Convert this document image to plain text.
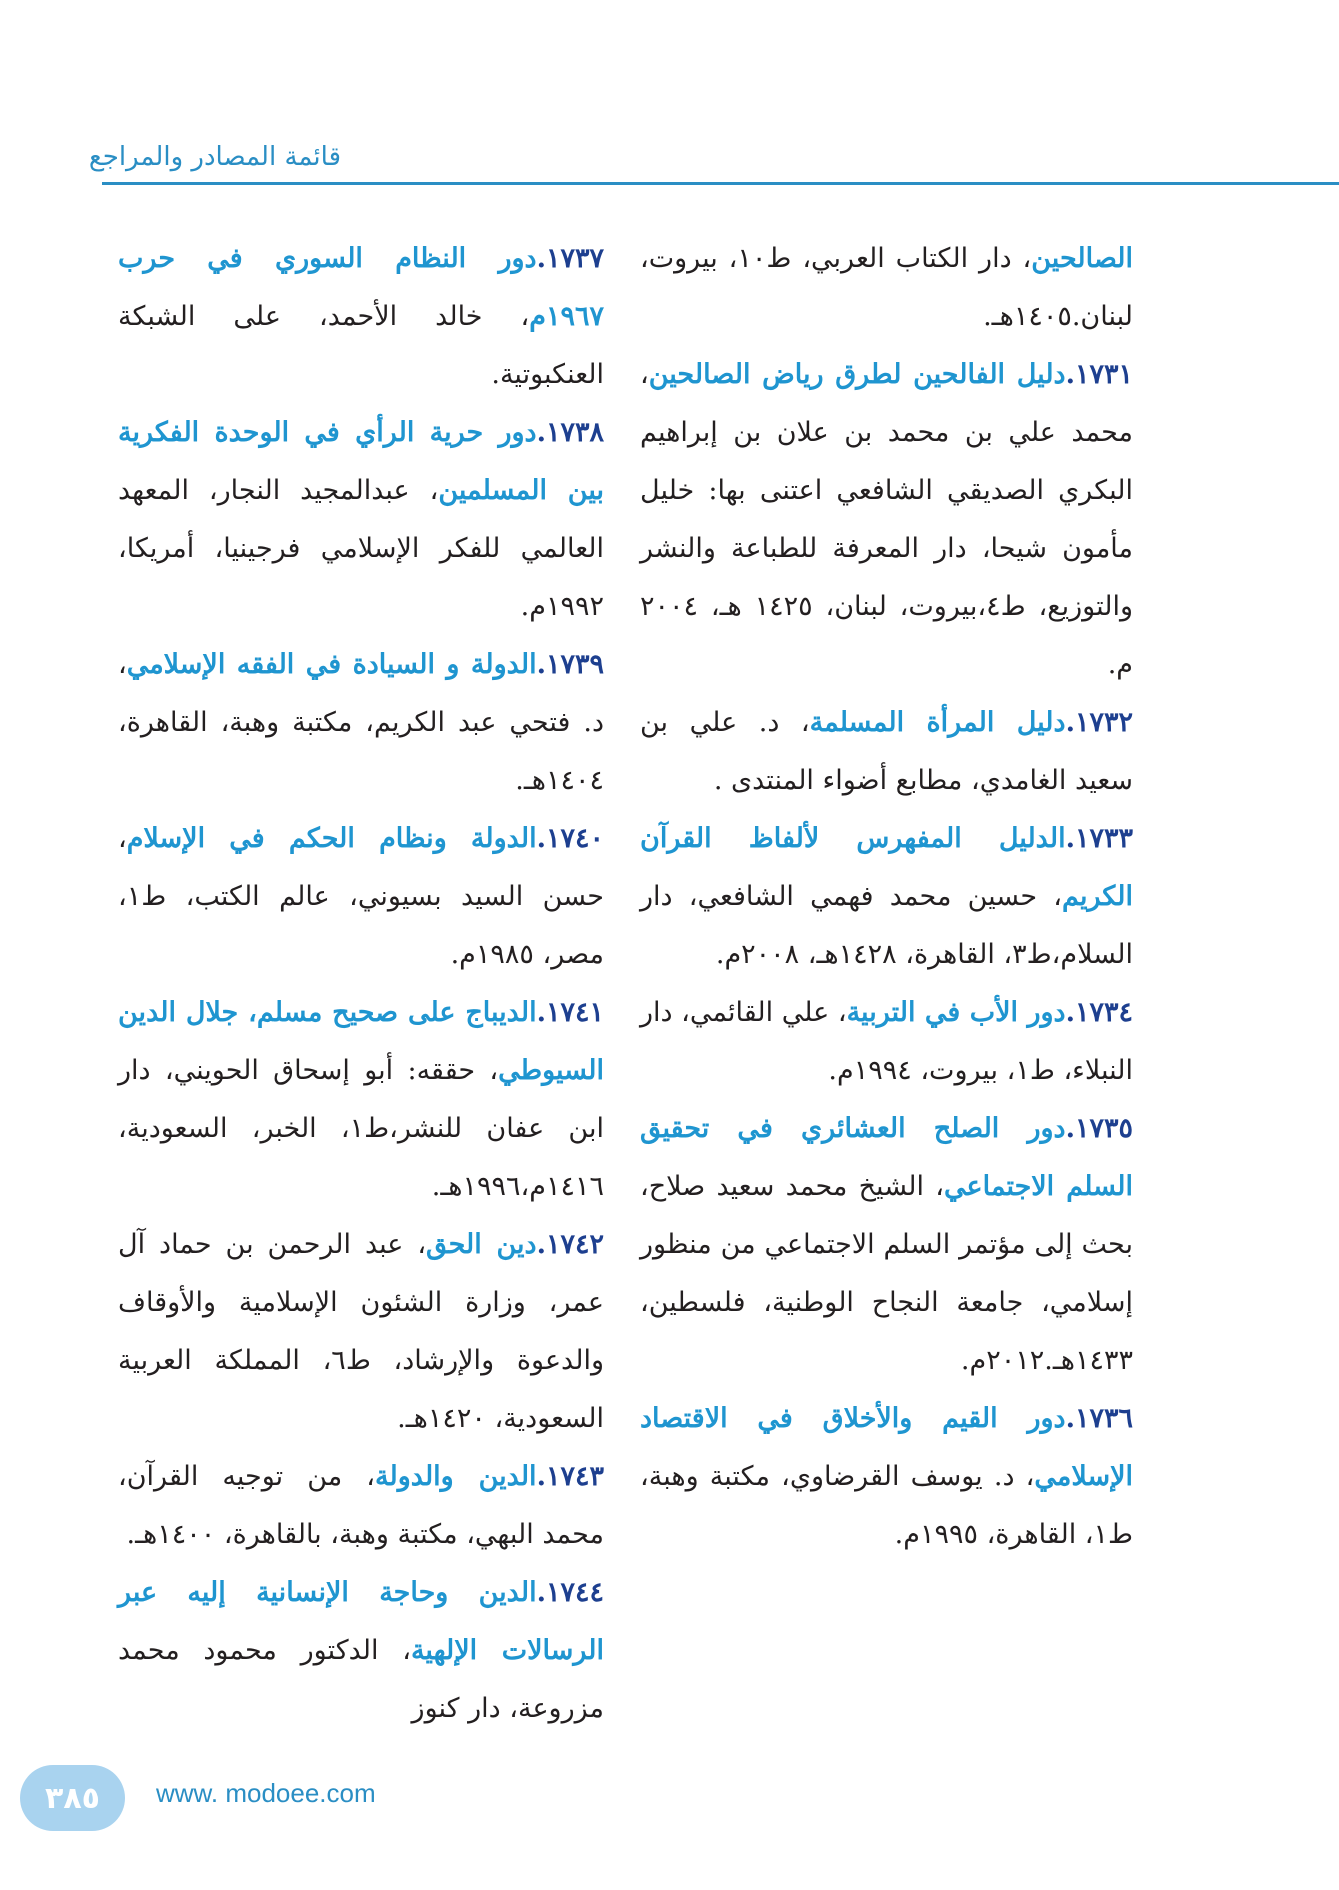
قائمة المصادر والمراجع

الصالحين، دار الكتاب العربي، ط١٠، بيروت، لبنان.١٤٠٥هـ.

١٧٣١.دليل الفالحين لطرق رياض الصالحين، محمد علي بن محمد بن علان بن إبراهيم البكري الصديقي الشافعي اعتنى بها: خليل مأمون شيحا، دار المعرفة للطباعة والنشر والتوزيع، ط٤،بيروت، لبنان، ١٤٢٥ هـ، ٢٠٠٤ م.

١٧٣٢.دليل المرأة المسلمة، د. علي بن سعيد الغامدي، مطابع أضواء المنتدى .

١٧٣٣.الدليل المفهرس لألفاظ القرآن الكريم، حسين محمد فهمي الشافعي، دار السلام،ط٣، القاهرة، ١٤٢٨هـ، ٢٠٠٨م.

١٧٣٤.دور الأب في التربية، علي القائمي، دار النبلاء، ط١، بيروت، ١٩٩٤م.

١٧٣٥.دور الصلح العشائري في تحقيق السلم الاجتماعي، الشيخ محمد سعيد صلاح، بحث إلى مؤتمر السلم الاجتماعي من منظور إسلامي، جامعة النجاح الوطنية، فلسطين، ١٤٣٣هـ.٢٠١٢م.

١٧٣٦.دور القيم والأخلاق في الاقتصاد الإسلامي، د. يوسف القرضاوي، مكتبة وهبة، ط١، القاهرة، ١٩٩٥م.

١٧٣٧.دور النظام السوري في حرب ١٩٦٧م، خالد الأحمد، على الشبكة العنكبوتية.

١٧٣٨.دور حرية الرأي في الوحدة الفكرية بين المسلمين، عبدالمجيد النجار، المعهد العالمي للفكر الإسلامي فرجينيا، أمريكا، ١٩٩٢م.

١٧٣٩.الدولة و السيادة في الفقه الإسلامي، د. فتحي عبد الكريم، مكتبة وهبة، القاهرة، ١٤٠٤هـ.

١٧٤٠.الدولة ونظام الحكم في الإسلام، حسن السيد بسيوني، عالم الكتب، ط١، مصر، ١٩٨٥م.

١٧٤١.الديباج على صحيح مسلم، جلال الدين السيوطي، حققه: أبو إسحاق الحويني، دار ابن عفان للنشر،ط١، الخبر، السعودية، ١٤١٦م،١٩٩٦هـ.

١٧٤٢.دين الحق، عبد الرحمن بن حماد آل عمر، وزارة الشئون الإسلامية والأوقاف والدعوة والإرشاد، ط٦، المملكة العربية السعودية، ١٤٢٠هـ.

١٧٤٣.الدين والدولة، من توجيه القرآن، محمد البهي، مكتبة وهبة، بالقاهرة، ١٤٠٠هـ.

١٧٤٤.الدين وحاجة الإنسانية إليه عبر الرسالات الإلهية، الدكتور محمود محمد مزروعة، دار كنوز

٣٨٥	www. modoee.com
